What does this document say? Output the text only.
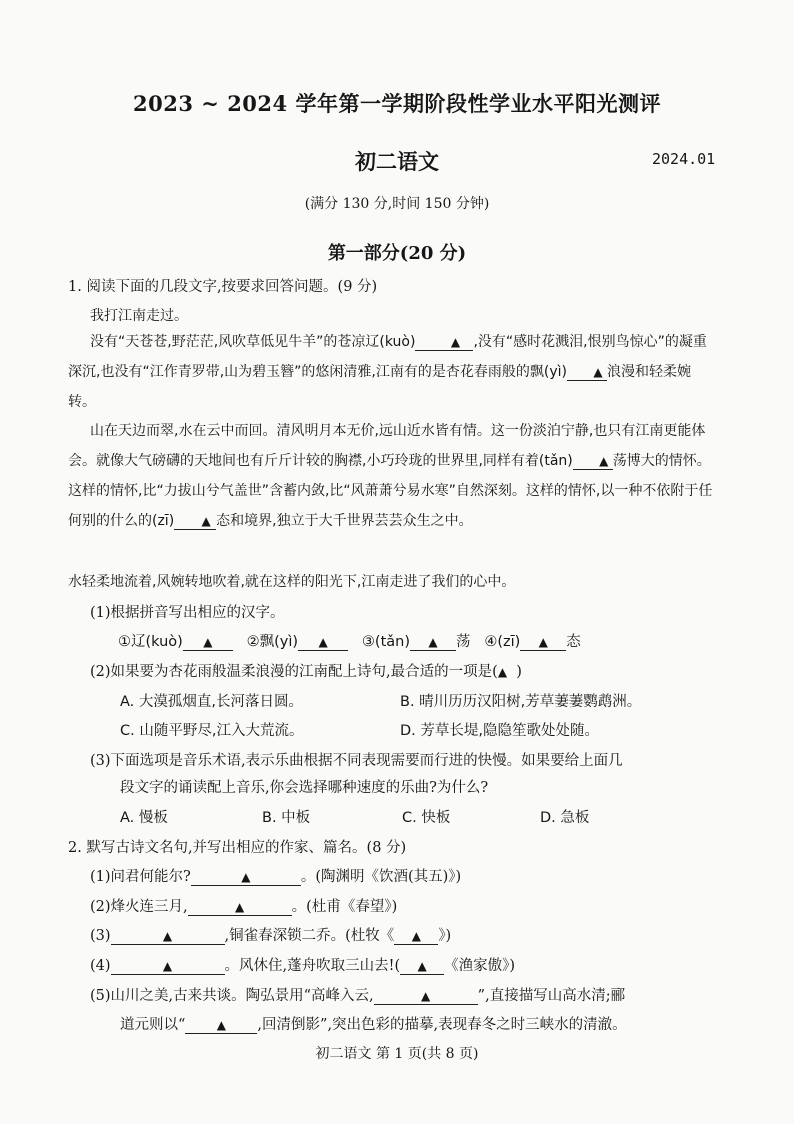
2023 ~ 2024 学年第一学期阶段性学业水平阳光测评
初二语文	2024.01
(满分 130 分,时间 150 分钟)
第一部分(20 分)
1. 阅读下面的几段文字,按要求回答问题。(9 分)
我打江南走过。
没有“天苍苍,野茫茫,风吹草低见牛羊”的苍凉辽(kuò)	▲ ,没有“感时花溅泪,恨别鸟惊心”的凝重深沉,也没有“江作青罗带,山为碧玉簪”的悠闲清雅,江南有的是杏花春雨般的飘(yì) ▲ 浪漫和轻柔婉转。
山在天边而翠,水在云中而回。清风明月本无价,远山近水皆有情。这一份淡泊宁静,也只有江南更能体会。就像大气磅礴的天地间也有斤斤计较的胸襟,小巧玲珑的世界里,同样有着(tǎn) ▲ 荡博大的情怀。这样的情怀,比“力拔山兮气盖世”含蓄内敛,比“风萧萧兮易水寒”自然深刻。这样的情怀,以一种不依附于任何别的什么的(zī) ▲ 态和境界,独立于大千世界芸芸众生之中。
水轻柔地流着,风婉转地吹着,就在这样的阳光下,江南走进了我们的心中。
(1)根据拼音写出相应的汉字。
①辽(kuò) ▲ ②飘(yì) ▲ ③(tǎn) ▲ 荡 ④(zī) ▲ 态
(2)如果要为杏花雨般温柔浪漫的江南配上诗句,最合适的一项是(▲ )
A. 大漠孤烟直,长河落日圆。	B. 晴川历历汉阳树,芳草萋萋鹦鹉洲。
C. 山随平野尽,江入大荒流。	D. 芳草长堤,隐隐笙歌处处随。
(3)下面选项是音乐术语,表示乐曲根据不同表现需要而行进的快慢。如果要给上面几
段文字的诵读配上音乐,你会选择哪种速度的乐曲?为什么?
A. 慢板	B. 中板	C. 快板	D. 急板
2. 默写古诗文名句,并写出相应的作家、篇名。(8 分)
(1)问君何能尔?	▲	。(陶渊明《饮酒(其五)》)
(2)烽火连三月,	▲	。(杜甫《春望》)
(3)	▲	,铜雀春深锁二乔。(杜牧《 ▲ 》)
(4)	▲	。风休住,蓬舟吹取三山去!( ▲ 《渔家傲》)
(5)山川之美,古来共谈。陶弘景用“高峰入云,	▲	”,直接描写山高水清;郦
道元则以“	▲ ,回清倒影”,突出色彩的描摹,表现春冬之时三峡水的清澈。
初二语文 第 1 页(共 8 页)
